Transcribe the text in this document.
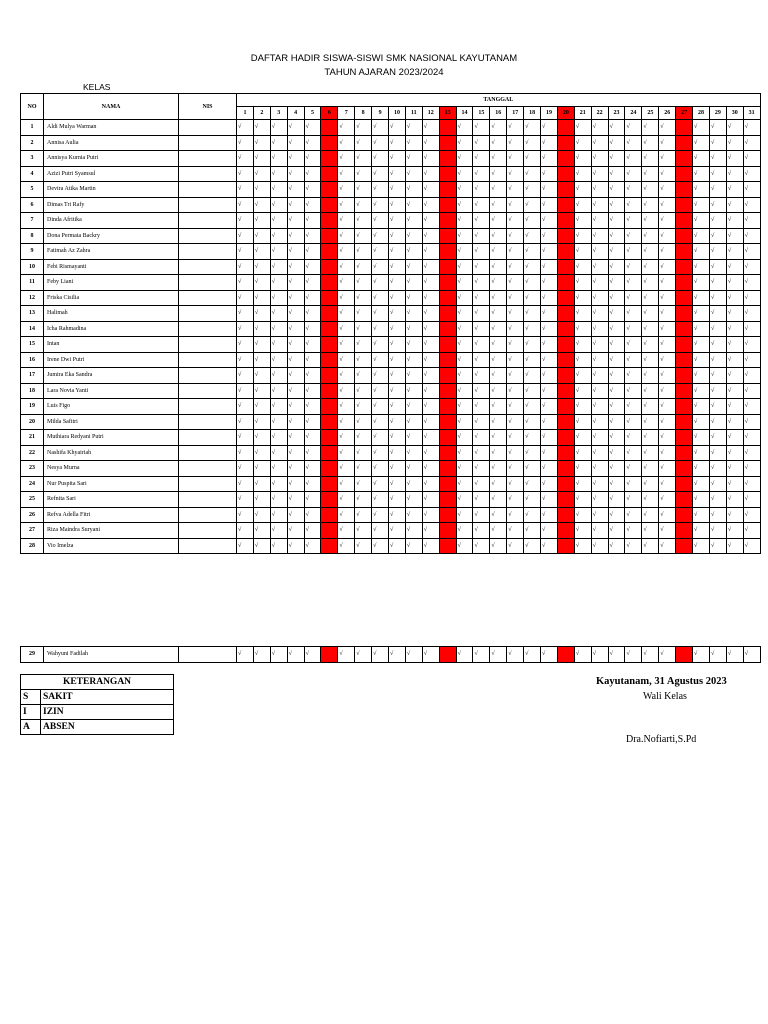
DAFTAR HADIR SISWA-SISWI SMK NASIONAL KAYUTANAM
TAHUN AJARAN 2023/2024
KELAS
NO	NAMA	NIS	TANGGAL																														
			1	2	3	4	5	6	7	8	9	10	11	12	13	14	15	16	17	18	19	20	21	22	23	24	25	26	27	28	29	30	31
1	Aldi Mulya Warman		√	√	√	√	√		√	√	√	√	√	√		√	√	√	√	√	√		√	√	√	√	√	√		√	√	√	√
2	Annisa Aulia		√	√	√	√	√		√	√	√	√	√	√		√	√	√	√	√	√		√	√	√	√	√	√		√	√	√	√
3	Annisya Kurnia Putri		√	√	√	√	√		√	√	√	√	√	√		√	√	√	√	√	√		√	√	√	√	√	√		√	√	√	√
4	Azizi Putri Syamsul		√	√	√	√	√		√	√	√	√	√	√		√	√	√	√	√	√		√	√	√	√	√	√		√	√	√	√
5	Devira Atika Martin		√	√	√	√	√		√	√	√	√	√	√		√	√	√	√	√	√		√	√	√	√	√	√		√	√	√	√
6	Dimas Tri Rafy		√	√	√	√	√		√	√	√	√	√	√		√	√	√	√	√	√		√	√	√	√	√	√		√	√	√	√
7	Dinda Afritika		√	√	√	√	√		√	√	√	√	√	√		√	√	√	√	√	√		√	√	√	√	√	√		√	√	√	√
8	Dona Permata Backry		√	√	√	√	√		√	√	√	√	√	√		√	√	√	√	√	√		√	√	√	√	√	√		√	√	√	√
9	Fatimah Az Zahra		√	√	√	√	√		√	√	√	√	√	√		√	√	√	√	√	√		√	√	√	√	√	√		√	√	√	√
10	Febi Rismayanti		√	√	√	√	√		√	√	√	√	√	√		√	√	√	√	√	√		√	√	√	√	√	√		√	√	√	√
11	Feby Liani		√	√	√	√	√		√	√	√	√	√	√		√	√	√	√	√	√		√	√	√	√	√	√		√	√	√	√
12	Friska Cisilia		√	√	√	√	√		√	√	√	√	√	√		√	√	√	√	√	√		√	√	√	√	√	√		√	√	√	√
13	Halimah		√	√	√	√	√		√	√	√	√	√	√		√	√	√	√	√	√		√	√	√	√	√	√		√	√	√	√
14	Icha Rahmadina		√	√	√	√	√		√	√	√	√	√	√		√	√	√	√	√	√		√	√	√	√	√	√		√	√	√	√
15	Intan		√	√	√	√	√		√	√	√	√	√	√		√	√	√	√	√	√		√	√	√	√	√	√		√	√	√	√
16	Irene Dwi Putri		√	√	√	√	√		√	√	√	√	√	√		√	√	√	√	√	√		√	√	√	√	√	√		√	√	√	√
17	Jumira Eka Sandra		√	√	√	√	√		√	√	√	√	√	√		√	√	√	√	√	√		√	√	√	√	√	√		√	√	√	√
18	Lara Novia Yanti		√	√	√	√	√		√	√	√	√	√	√		√	√	√	√	√	√		√	√	√	√	√	√		√	√	√	√
19	Luis Figo		√	√	√	√	√		√	√	√	√	√	√		√	√	√	√	√	√		√	√	√	√	√	√		√	√	√	√
20	Milda Safitri		√	√	√	√	√		√	√	√	√	√	√		√	√	√	√	√	√		√	√	√	√	√	√		√	√	√	√
21	Muthiara Redyani Putri		√	√	√	√	√		√	√	√	√	√	√		√	√	√	√	√	√		√	√	√	√	√	√		√	√	√	√
22	Nashifa Khyairiah		√	√	√	√	√		√	√	√	√	√	√		√	√	√	√	√	√		√	√	√	√	√	√		√	√	√	√
23	Nesya Murna		√	√	√	√	√		√	√	√	√	√	√		√	√	√	√	√	√		√	√	√	√	√	√		√	√	√	√
24	Nur Puspita Sari		√	√	√	√	√		√	√	√	√	√	√		√	√	√	√	√	√		√	√	√	√	√	√		√	√	√	√
25	Refnita Sari		√	√	√	√	√		√	√	√	√	√	√		√	√	√	√	√	√		√	√	√	√	√	√		√	√	√	√
26	Refva Adella Fitri		√	√	√	√	√		√	√	√	√	√	√		√	√	√	√	√	√		√	√	√	√	√	√		√	√	√	√
27	Riza Maindra Suryani		√	√	√	√	√		√	√	√	√	√	√		√	√	√	√	√	√		√	√	√	√	√	√		√	√	√	√
28	Vio Imelza		√	√	√	√	√		√	√	√	√	√	√		√	√	√	√	√	√		√	√	√	√	√	√		√	√	√	√
29	Wahyuni Fadilah		√	√	√	√	√		√	√	√	√	√	√		√	√	√	√	√	√		√	√	√	√	√	√		√	√	√	√
KETERANGAN	
S	SAKIT
I	IZIN
A	ABSEN
Kayutanam, 31 Agustus 2023
Wali Kelas
Dra.Nofiarti,S.Pd
